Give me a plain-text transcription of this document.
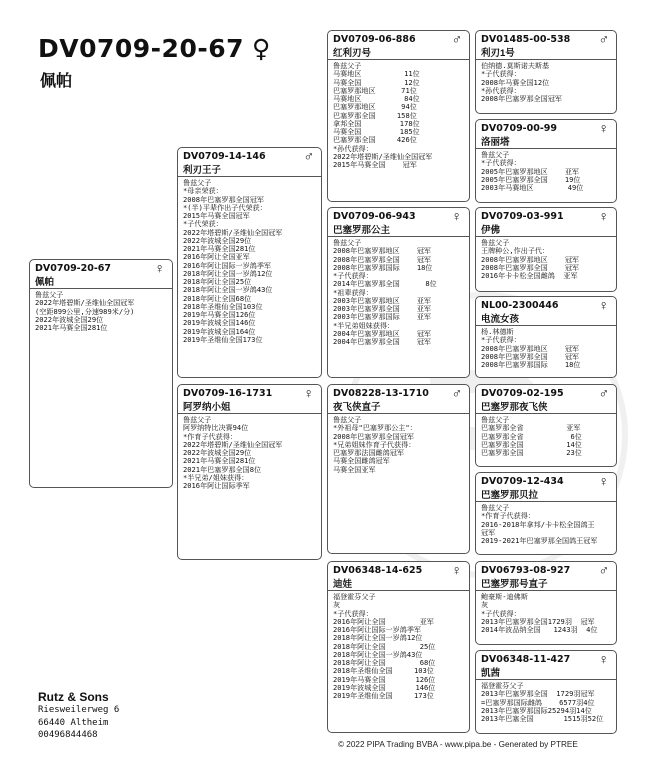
DV0709-20-67 ♀
佩帕
DV0709-20-67
佩帕
♀
鲁兹父子
2022年塔碧斯/圣维仙全国冠军
(空距899公里,分速989米/分)
2022年波城全国29位
2021年马赛全国281位
DV0709-14-146
利刃王子
♂
鲁兹父子
*母亲荣获：
2008年巴塞罗那全国冠军
*(半)平辈作出子代荣获：
2015年马赛全国冠军
*子代荣获：
2022年塔碧斯/圣维仙全国冠军
2022年波城全国29位
2021年马赛全国281位
2016年阿让全国亚军
2016年阿让国际一岁鸽季军
2018年阿让全国一岁鸽12位
2018年阿让全国25位
2018年阿让全国一岁鸽43位
2018年阿让全国68位
2018年圣维仙全国103位
2019年马赛全国126位
2019年波城全国146位
2019年波城全国164位
2019年圣维仙全国173位
DV0709-16-1731
阿罗纳小姐
♀
鲁兹父子
阿罗纳特比决赛94位
*作育子代获得：
2022年塔碧斯/圣维仙全国冠军
2022年波城全国29位
2021年马赛全国281位
2021年巴塞罗那全国8位
*半兄弟/姐妹获得：
2016年阿让国际季军
DV0709-06-886
红利刃号
♂
鲁兹父子
马赛地区          11位
马赛全国          12位
巴塞罗那地区      71位
马赛地区          84位
巴塞罗那地区      94位
巴塞罗那全国     158位
拿邦全国         178位
马赛全国         185位
巴塞罗那全国     426位
*孙代获得：
2022年塔碧斯/圣维仙全国冠军
2015年马赛全国    冠军
DV0709-06-943
巴塞罗那公主
♀
鲁兹父子
2008年巴塞罗那地区    冠军
2008年巴塞罗那全国    冠军
2008年巴塞罗那国际    18位
*子代获得：
2014年巴塞罗那全国      8位
*祖辈获得：
2003年巴塞罗那地区    亚军
2003年巴塞罗那全国    亚军
2003年巴塞罗那国际    亚军
*半兄弟姐妹获得：
2004年巴塞罗那地区    冠军
2004年巴塞罗那全国    冠军
DV08228-13-1710
夜飞侠直子
♂
鲁兹父子
*外祖母"巴塞罗那公主"：
2008年巴塞罗那全国冠军
*兄弟姐妹作育子代获得：
巴塞罗那法国雌鸽冠军
马赛全国雌鸽冠军
马赛全国亚军
DV06348-14-625
迪娃
♀
福登霍芬父子
灰
*子代获得：
2016年阿让全国        亚军
2016年阿让国际一岁鸽季军
2018年阿让全国一岁鸽12位
2018年阿让全国        25位
2018年阿让全国一岁鸽43位
2018年阿让全国        68位
2018年圣维仙全国     103位
2019年马赛全国       126位
2019年波城全国       146位
2019年圣维仙全国     173位
DV01485-00-538
利刃1号
♂
伯纳德.莫斯诺夫斯基
*子代获得：
2008年马赛全国12位
*孙代获得：
2008年巴塞罗那全国冠军
DV0709-00-99
洛丽塔
♀
鲁兹父子
*子代获得：
2005年巴塞罗那地区    亚军
2005年巴塞罗那全国    19位
2003年马赛地区        49位
DV0709-03-991
伊佛
♀
鲁兹父子
王牌种公,作出子代：
2008年巴塞罗那地区    冠军
2008年巴塞罗那全国    冠军
2016年卡卡松全国雌鸽  亚军
NL00-2300446
电流女孩
♀
杨.林德斯
*子代获得：
2008年巴塞罗那地区    冠军
2008年巴塞罗那全国    冠军
2008年巴塞罗那国际    18位
DV0709-02-195
巴塞罗那夜飞侠
♂
鲁兹父子
巴塞罗那全省          亚军
巴塞罗那全省           6位
巴塞罗那全国          14位
巴塞罗那全国          23位
DV0709-12-434
巴塞罗那贝拉
♀
鲁兹父子
*作育子代获得：
2016-2018年拿邦/卡卡松全国鸽王
冠军
2019-2021年巴塞罗那全国鸽王冠军
DV06793-08-927
巴塞罗那号直子
♂
鲍豪斯-迪佛斯
灰
*子代获得：
2013年巴塞罗那全国1729羽  冠军
2014年波品纳全国   1243羽  4位
DV06348-11-427
凯茜
♀
福登霍芬父子
2013年巴塞罗那全国  1729羽冠军
=巴塞罗那国际雌鸽    6577羽4位
2013年巴塞罗那国际25294羽14位
2013年巴塞全国       1515羽52位
Rutz & Sons
Riesweilerweg 6
66440 Altheim
00496844468
© 2022 PIPA Trading BVBA - www.pipa.be - Generated by PTREE
